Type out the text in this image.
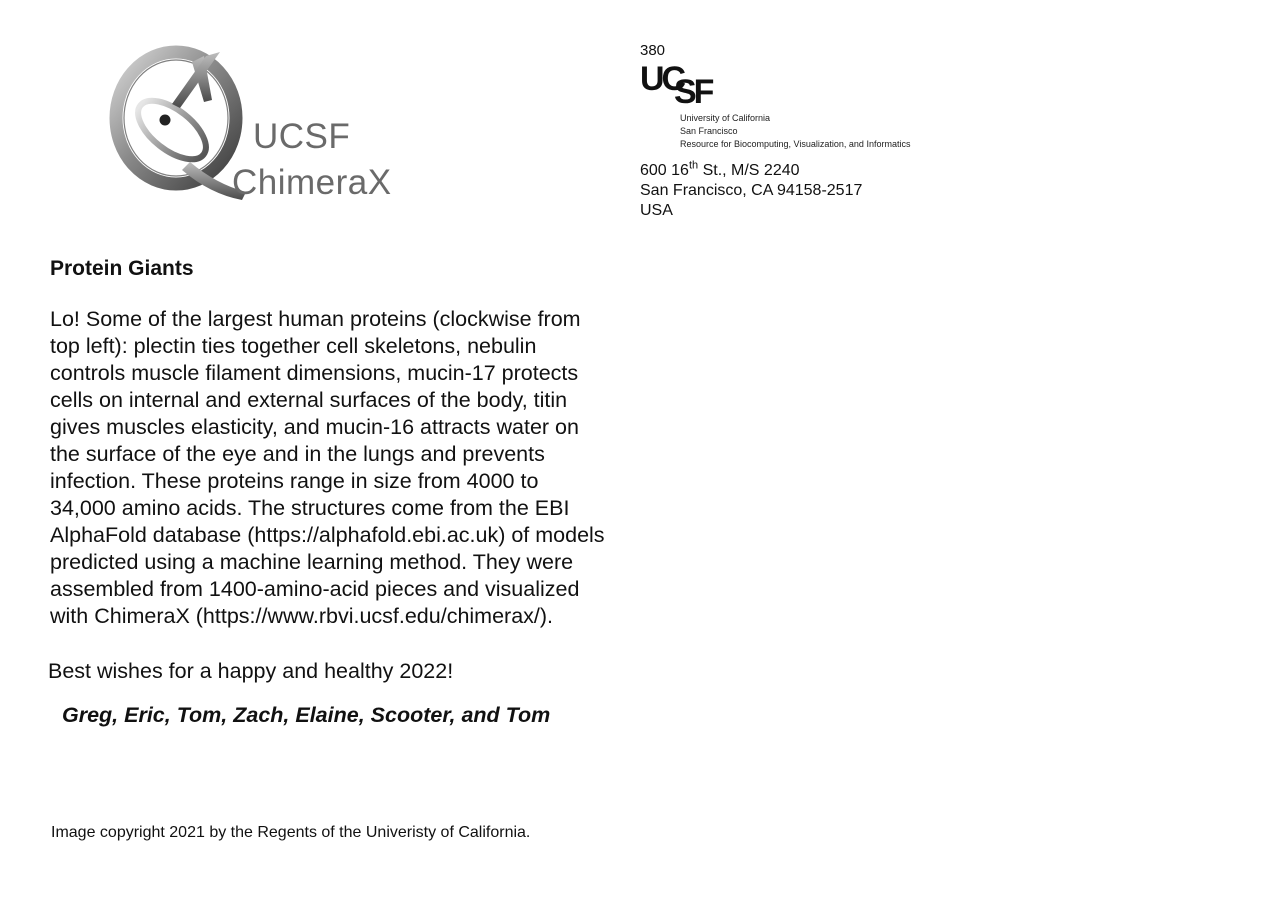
UCSF

ChimeraX

380

UC
SF
University of California
San Francisco
Resource for Biocomputing, Visualization, and Informatics
600 16th St., M/S 2240
San Francisco, CA 94158-2517
USA
Protein Giants

Lo! Some of the largest human proteins (clockwise from
top left): plectin ties together cell skeletons, nebulin
controls muscle filament dimensions, mucin-17 protects
cells on internal and external surfaces of the body, titin
gives muscles elasticity, and mucin-16 attracts water on
the surface of the eye and in the lungs and prevents
infection. These proteins range in size from 4000 to
34,000 amino acids. The structures come from the EBI
AlphaFold database (https://alphafold.ebi.ac.uk) of models
predicted using a machine learning method. They were
assembled from 1400-amino-acid pieces and visualized
with ChimeraX (https://www.rbvi.ucsf.edu/chimerax/).

Best wishes for a happy and healthy 2022!

Greg, Eric, Tom, Zach, Elaine, Scooter, and Tom

Image copyright 2021 by the Regents of the Univeristy of California.
